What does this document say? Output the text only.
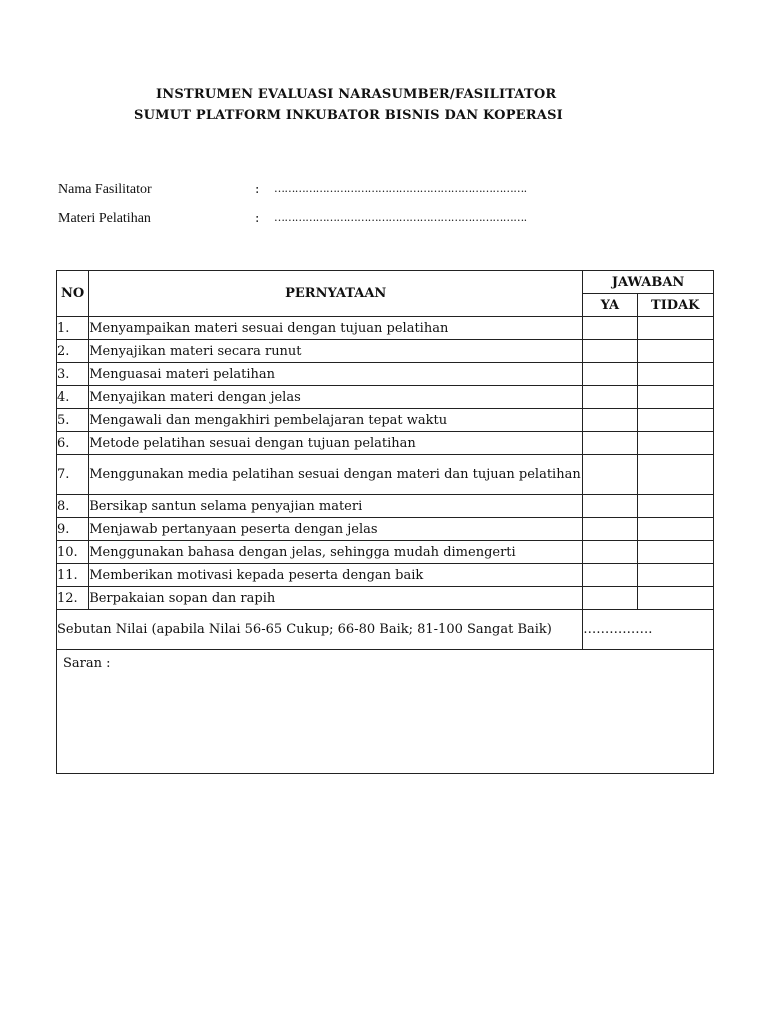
INSTRUMEN EVALUASI NARASUMBER/FASILITATOR
SUMUT PLATFORM INKUBATOR BISNIS DAN KOPERASI
Nama Fasilitator	: ……………………………………………………………….
Materi Pelatihan	: ……………………………………………………………….
NO	PERNYATAAN	JAWABAN	
		YA	TIDAK
1.	Menyampaikan materi sesuai dengan tujuan pelatihan		
2.	Menyajikan materi secara runut		
3.	Menguasai materi pelatihan		
4.	Menyajikan materi dengan jelas		
5.	Mengawali dan mengakhiri pembelajaran tepat waktu		
6.	Metode pelatihan sesuai dengan tujuan pelatihan		
7.	Menggunakan media pelatihan sesuai dengan materi dan tujuan pelatihan		
8.	Bersikap santun selama penyajian materi		
9.	Menjawab pertanyaan peserta dengan jelas		
10.	Menggunakan bahasa dengan jelas, sehingga mudah dimengerti		
11.	Memberikan motivasi kepada peserta dengan baik		
12.	Berpakaian sopan dan rapih		
Sebutan Nilai (apabila Nilai 56-65 Cukup; 66-80 Baik; 81-100 Sangat Baik)		…………….	
Saran :			
